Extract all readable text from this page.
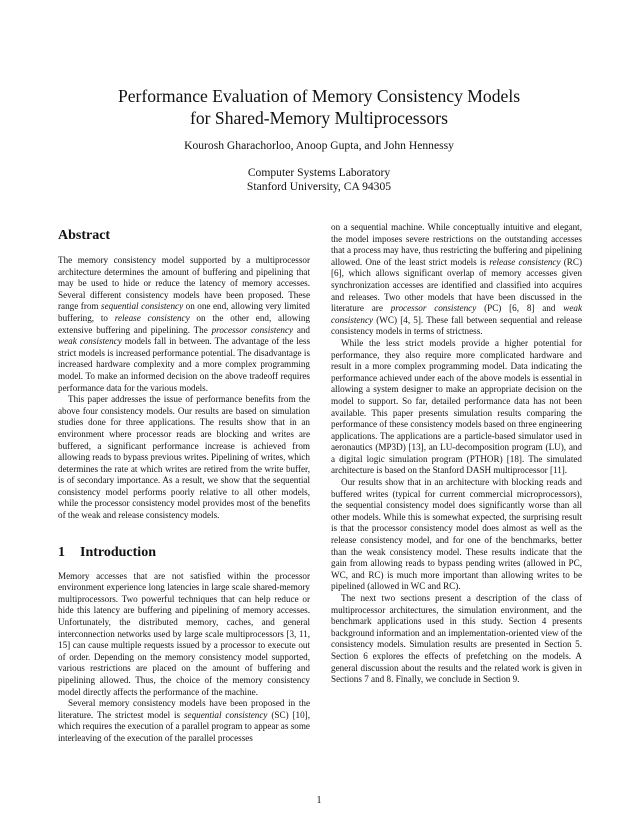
Performance Evaluation of Memory Consistency Models
for Shared-Memory Multiprocessors
Kourosh Gharachorloo, Anoop Gupta, and John Hennessy
Computer Systems Laboratory
Stanford University, CA 94305
Abstract

The memory consistency model supported by a multiprocessor architecture determines the amount of buffering and pipelining that may be used to hide or reduce the latency of memory accesses. Several different consistency models have been proposed. These range from sequential consistency on one end, allowing very limited buffering, to release consistency on the other end, allowing extensive buffering and pipelining. The processor consistency and weak consistency models fall in between. The advantage of the less strict models is increased performance potential. The disadvantage is increased hardware complexity and a more complex programming model. To make an informed decision on the above tradeoff requires performance data for the various models.

This paper addresses the issue of performance benefits from the above four consistency models. Our results are based on simulation studies done for three applications. The results show that in an environment where processor reads are blocking and writes are buffered, a significant performance increase is achieved from allowing reads to bypass previous writes. Pipelining of writes, which determines the rate at which writes are retired from the write buffer, is of secondary importance. As a result, we show that the sequential consistency model performs poorly relative to all other models, while the processor consistency model provides most of the benefits of the weak and release consistency models.

1 Introduction

Memory accesses that are not satisfied within the processor environment experience long latencies in large scale shared-memory multiprocessors. Two powerful techniques that can help reduce or hide this latency are buffering and pipelining of memory accesses. Unfortunately, the distributed memory, caches, and general interconnection networks used by large scale multiprocessors [3, 11, 15] can cause multiple requests issued by a processor to execute out of order. Depending on the memory consistency model supported, various restrictions are placed on the amount of buffering and pipelining allowed. Thus, the choice of the memory consistency model directly affects the performance of the machine.

Several memory consistency models have been proposed in the literature. The strictest model is sequential consistency (SC) [10], which requires the execution of a parallel program to appear as some interleaving of the execution of the parallel processes

on a sequential machine. While conceptually intuitive and elegant, the model imposes severe restrictions on the outstanding accesses that a process may have, thus restricting the buffering and pipelining allowed. One of the least strict models is release consistency (RC) [6], which allows significant overlap of memory accesses given synchronization accesses are identified and classified into acquires and releases. Two other models that have been discussed in the literature are processor consistency (PC) [6, 8] and weak consistency (WC) [4, 5]. These fall between sequential and release consistency models in terms of strictness.

While the less strict models provide a higher potential for performance, they also require more complicated hardware and result in a more complex programming model. Data indicating the performance achieved under each of the above models is essential in allowing a system designer to make an appropriate decision on the model to support. So far, detailed performance data has not been available. This paper presents simulation results comparing the performance of these consistency models based on three engineering applications. The applications are a particle-based simulator used in aeronautics (MP3D) [13], an LU-decomposition program (LU), and a digital logic simulation program (PTHOR) [18]. The simulated architecture is based on the Stanford DASH multiprocessor [11].

Our results show that in an architecture with blocking reads and buffered writes (typical for current commercial microprocessors), the sequential consistency model does significantly worse than all other models. While this is somewhat expected, the surprising result is that the processor consistency model does almost as well as the release consistency model, and for one of the benchmarks, better than the weak consistency model. These results indicate that the gain from allowing reads to bypass pending writes (allowed in PC, WC, and RC) is much more important than allowing writes to be pipelined (allowed in WC and RC).

The next two sections present a description of the class of multiprocessor architectures, the simulation environment, and the benchmark applications used in this study. Section 4 presents background information and an implementation-oriented view of the consistency models. Simulation results are presented in Section 5. Section 6 explores the effects of prefetching on the models. A general discussion about the results and the related work is given in Sections 7 and 8. Finally, we conclude in Section 9.

1
